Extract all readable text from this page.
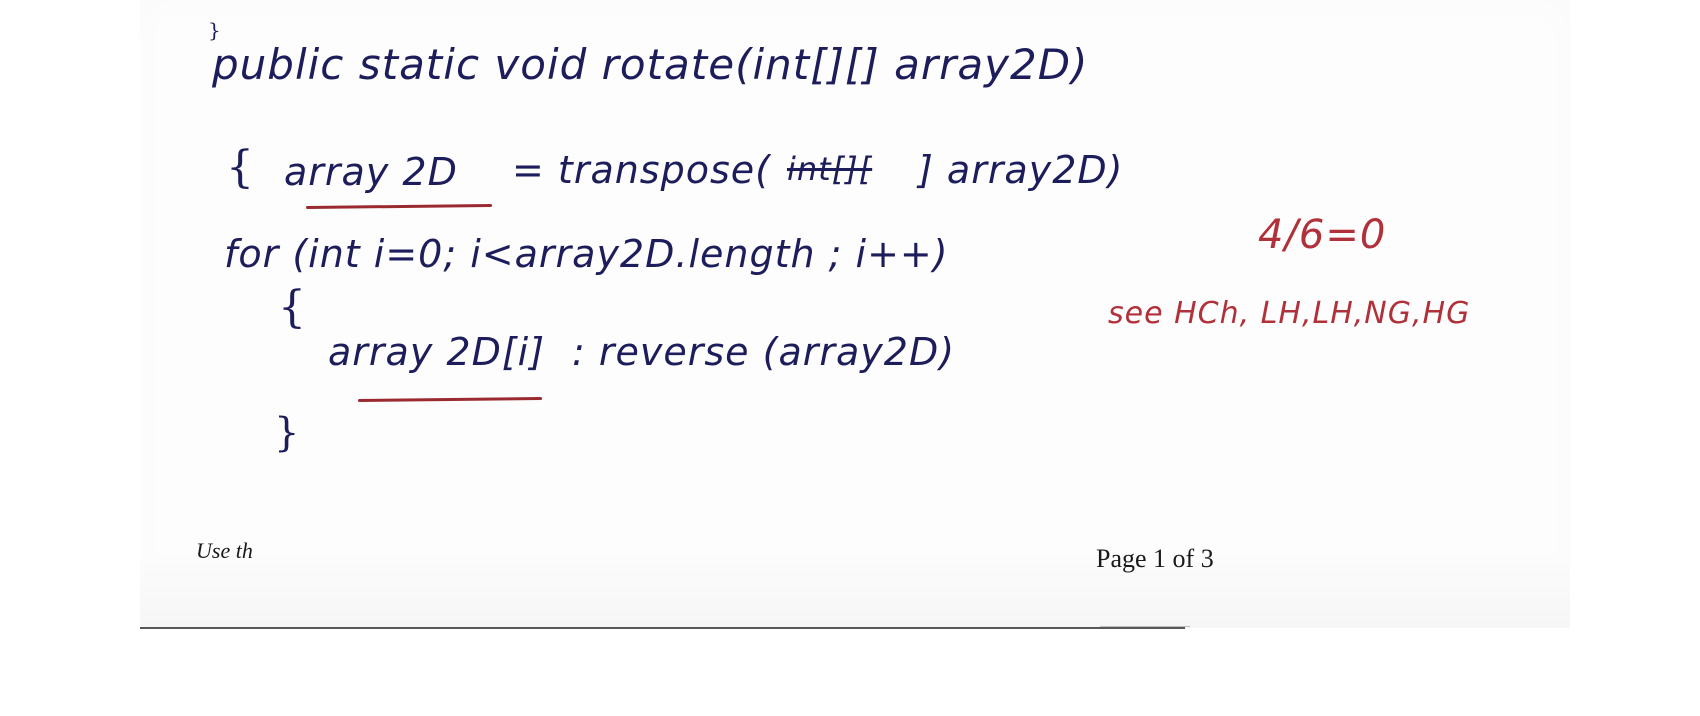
}
public static void rotate(int[][] array2D)
{ array 2D = transpose( int[][ ] array2D)
for (int i=0; i<array2D.length ; i++)
{
array 2D[i] : reverse (array2D)
}
4/6=0
see HCh, LH,LH,NG,HG
Use th	Page 1 of 3
